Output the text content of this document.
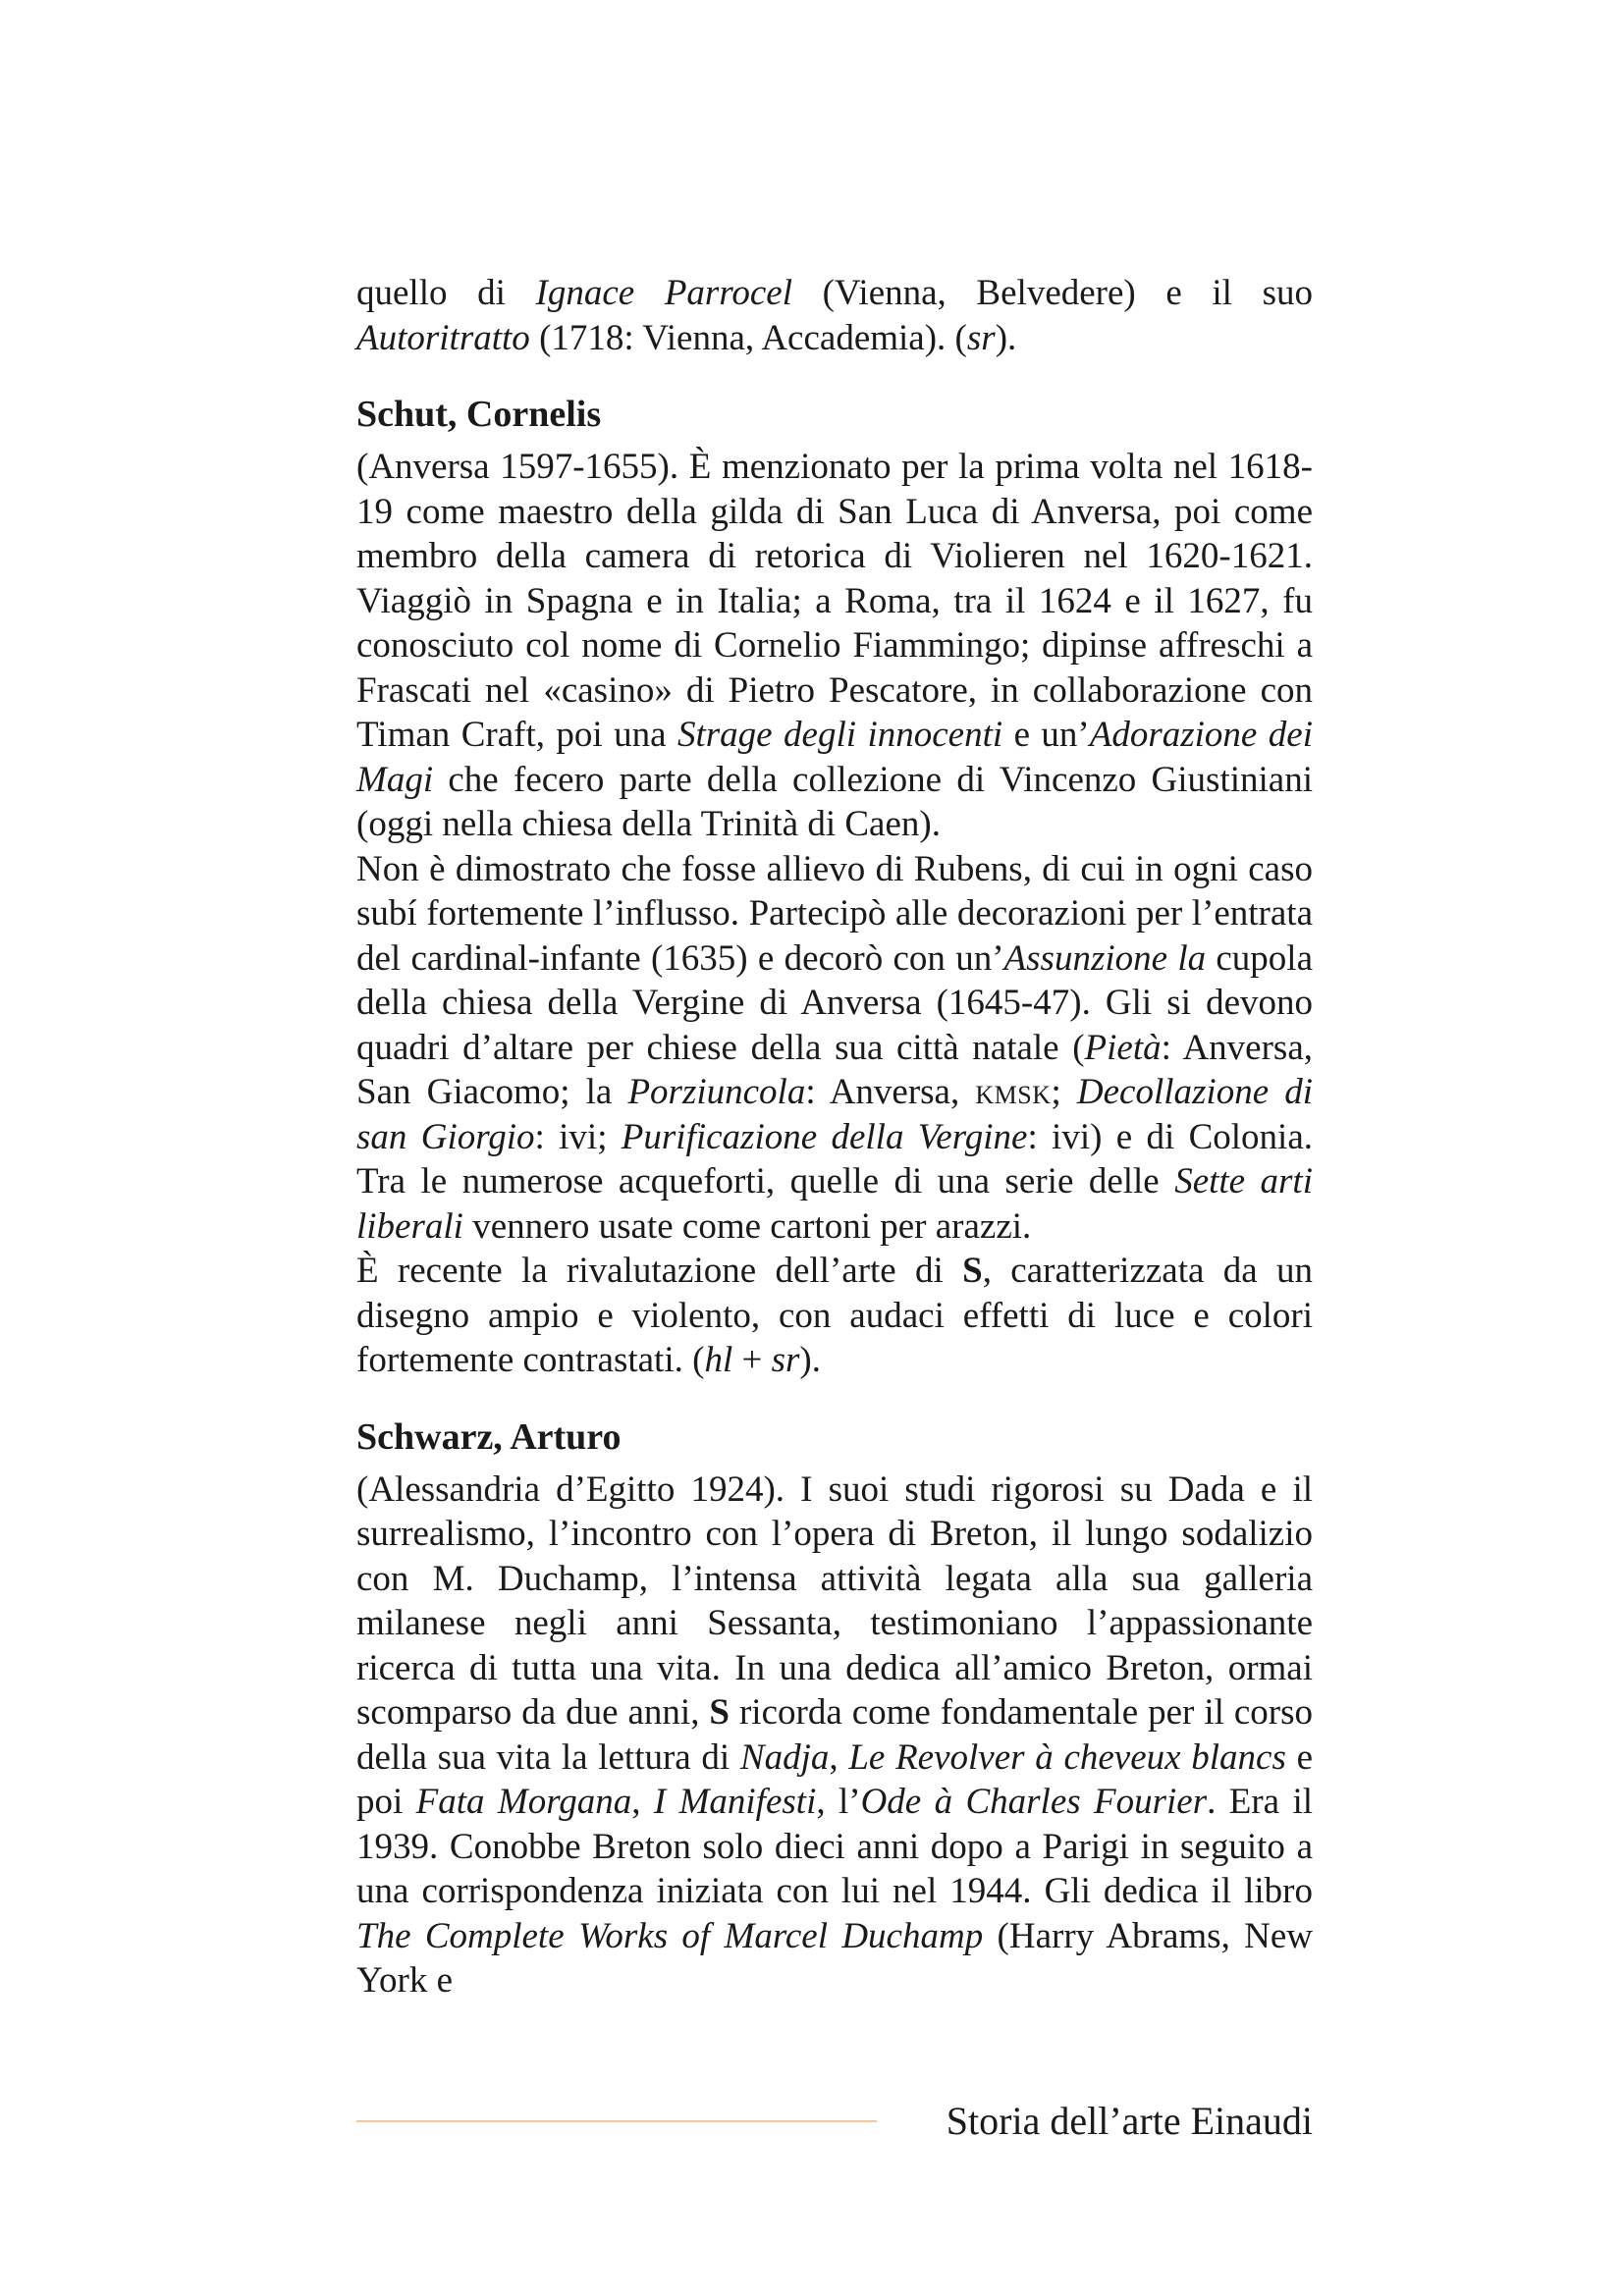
quello di Ignace Parrocel (Vienna, Belvedere) e il suo Autoritratto (1718: Vienna, Accademia). (sr).

Schut, Cornelis

(Anversa 1597-1655). È menzionato per la prima volta nel 1618-19 come maestro della gilda di San Luca di Anversa, poi come membro della camera di retorica di Violieren nel 1620-1621. Viaggiò in Spagna e in Italia; a Roma, tra il 1624 e il 1627, fu conosciuto col nome di Cornelio Fiammingo; dipinse affreschi a Frascati nel «casino» di Pietro Pescatore, in collaborazione con Timan Craft, poi una Strage degli innocenti e un’Adorazione dei Magi che fecero parte della collezione di Vincenzo Giustiniani (oggi nella chiesa della Trinità di Caen).

Non è dimostrato che fosse allievo di Rubens, di cui in ogni caso subí fortemente l’influsso. Partecipò alle decorazioni per l’entrata del cardinal-infante (1635) e decorò con un’Assunzione la cupola della chiesa della Vergine di Anversa (1645-47). Gli si devono quadri d’altare per chiese della sua città natale (Pietà: Anversa, San Giacomo; la Porziuncola: Anversa, kmsk; Decollazione di san Giorgio: ivi; Purificazione della Vergine: ivi) e di Colonia. Tra le numerose acqueforti, quelle di una serie delle Sette arti liberali vennero usate come cartoni per arazzi.

È recente la rivalutazione dell’arte di S, caratterizzata da un disegno ampio e violento, con audaci effetti di luce e colori fortemente contrastati. (hl + sr).

Schwarz, Arturo

(Alessandria d’Egitto 1924). I suoi studi rigorosi su Dada e il surrealismo, l’incontro con l’opera di Breton, il lungo sodalizio con M. Duchamp, l’intensa attività legata alla sua galleria milanese negli anni Sessanta, testimoniano l’appassionante ricerca di tutta una vita. In una dedica all’amico Breton, ormai scomparso da due anni, S ricorda come fondamentale per il corso della sua vita la lettura di Nadja, Le Revolver à cheveux blancs e poi Fata Morgana, I Manifesti, l’Ode à Charles Fourier. Era il 1939. Conobbe Breton solo dieci anni dopo a Parigi in seguito a una corrispondenza iniziata con lui nel 1944. Gli dedica il libro The Complete Works of Marcel Duchamp (Harry Abrams, New York e

Storia dell’arte Einaudi
